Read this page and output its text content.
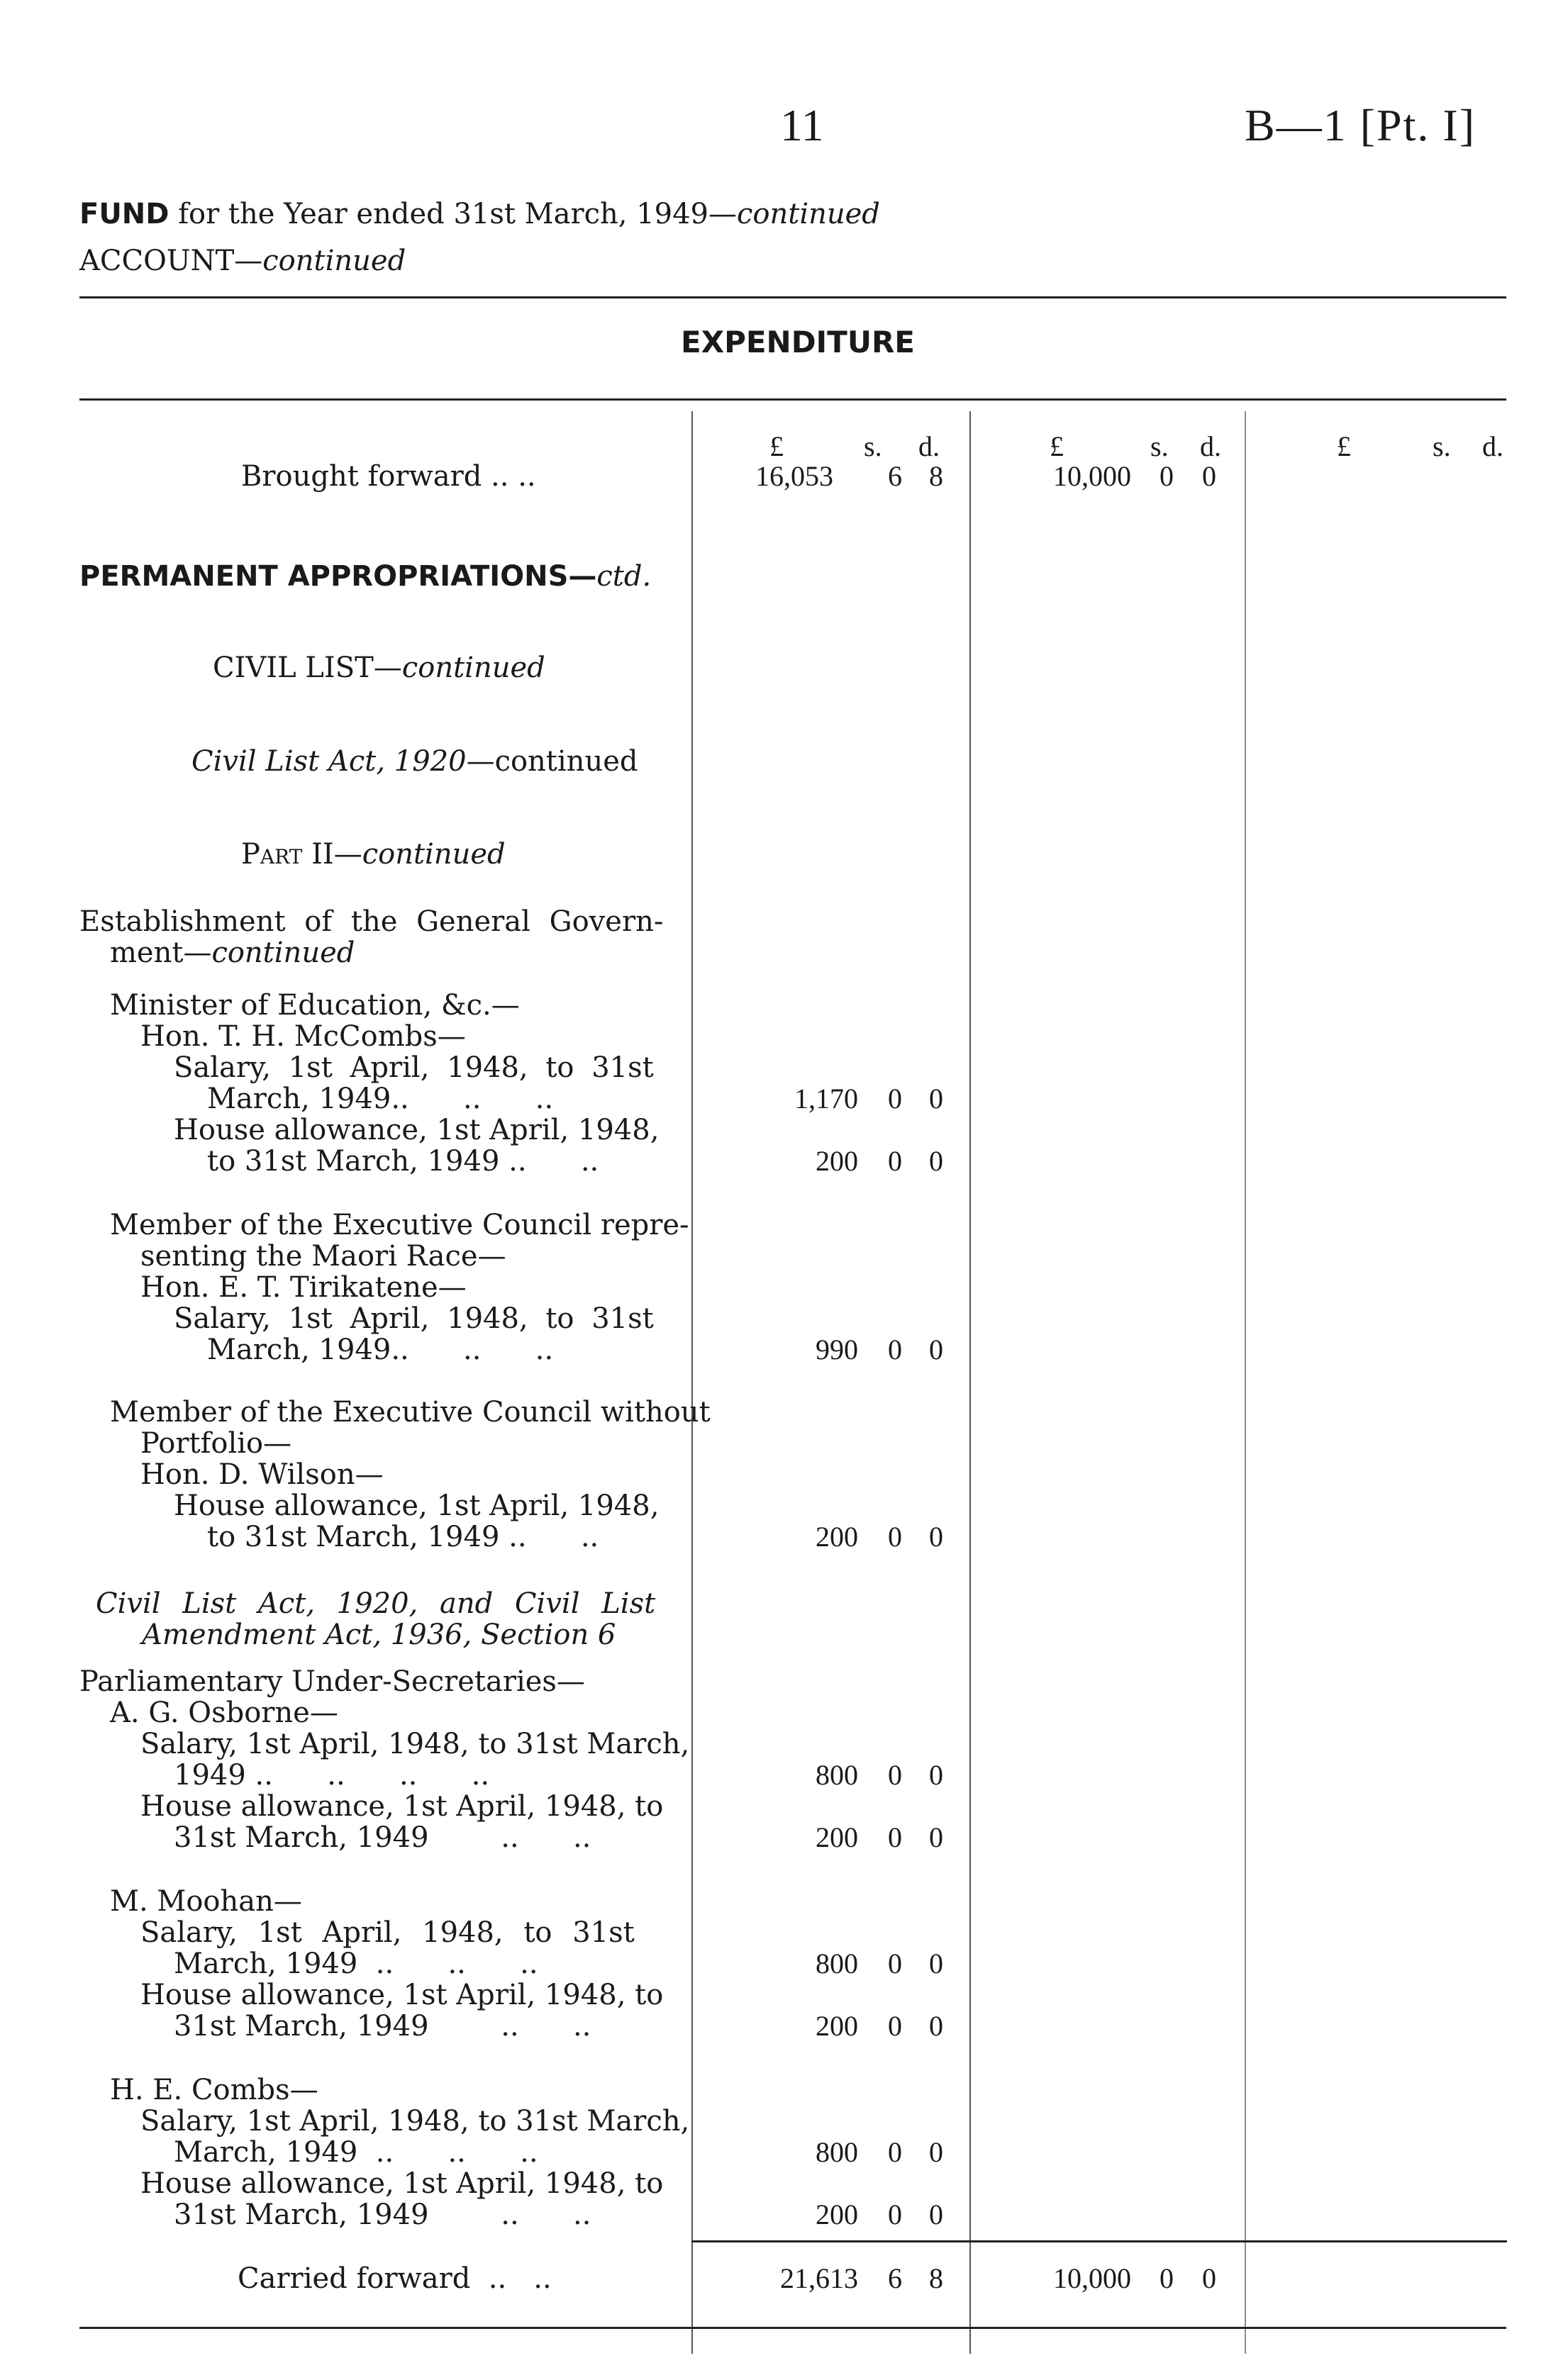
11	B—1 [Pt. I]
FUND for the Year ended 31st March, 1949—continued
ACCOUNT—continued
EXPENDITURE
£	s. d.	£	s. d.	£	s. d.
Brought forward .. ..	16,053 6 8	10,000 0 0
PERMANENT APPROPRIATIONS—ctd.
CIVIL LIST—continued
Civil List Act, 1920—continued
Part II—continued
Establishment of the General Govern-
ment—continued
Minister of Education, &c.—
Hon. T. H. McCombs—
Salary, 1st April, 1948, to 31st
March, 1949..      ..      ..	1,170 0 0
House allowance, 1st April, 1948,
to 31st March, 1949 ..      ..	200 0 0
Member of the Executive Council repre-
senting the Maori Race—
Hon. E. T. Tirikatene—
Salary, 1st April, 1948, to 31st
March, 1949..      ..      ..	990 0 0
Member of the Executive Council without
Portfolio—
Hon. D. Wilson—
House allowance, 1st April, 1948,
to 31st March, 1949 ..      ..	200 0 0
Civil List Act, 1920, and Civil List
Amendment Act, 1936, Section 6
Parliamentary Under-Secretaries—
A. G. Osborne—
Salary, 1st April, 1948, to 31st March,
1949 ..      ..      ..      ..	800 0 0
House allowance, 1st April, 1948, to
31st March, 1949        ..      ..	200 0 0
M. Moohan—
Salary, 1st April, 1948, to 31st
March, 1949  ..      ..      ..	800 0 0
House allowance, 1st April, 1948, to
31st March, 1949        ..      ..	200 0 0
H. E. Combs—
Salary, 1st April, 1948, to 31st March,
March, 1949  ..      ..      ..	800 0 0
House allowance, 1st April, 1948, to
31st March, 1949        ..      ..	200 0 0
Carried forward  ..   ..	21,613 6 8	10,000 0 0
